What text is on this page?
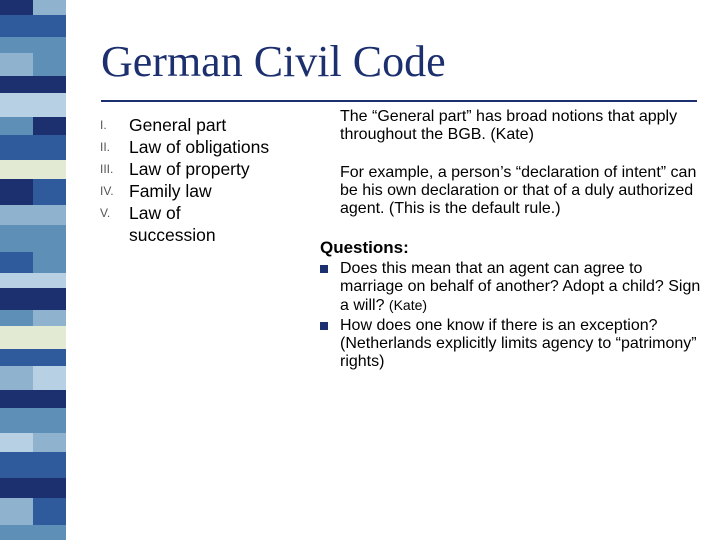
German Civil Code
I.	General part
II.	Law of obligations
III. Law of property
IV. Family law
V.	Law of succession

The “General part” has broad notions that apply throughout the BGB. (Kate)

For example, a person’s “declaration of intent” can be his own declaration or that of a duly authorized agent. (This is the default rule.)

Questions:
Does this mean that an agent can agree to marriage on behalf of another? Adopt a child? Sign a will? (Kate)
How does one know if there is an exception? (Netherlands explicitly limits agency to “patrimony” rights)
